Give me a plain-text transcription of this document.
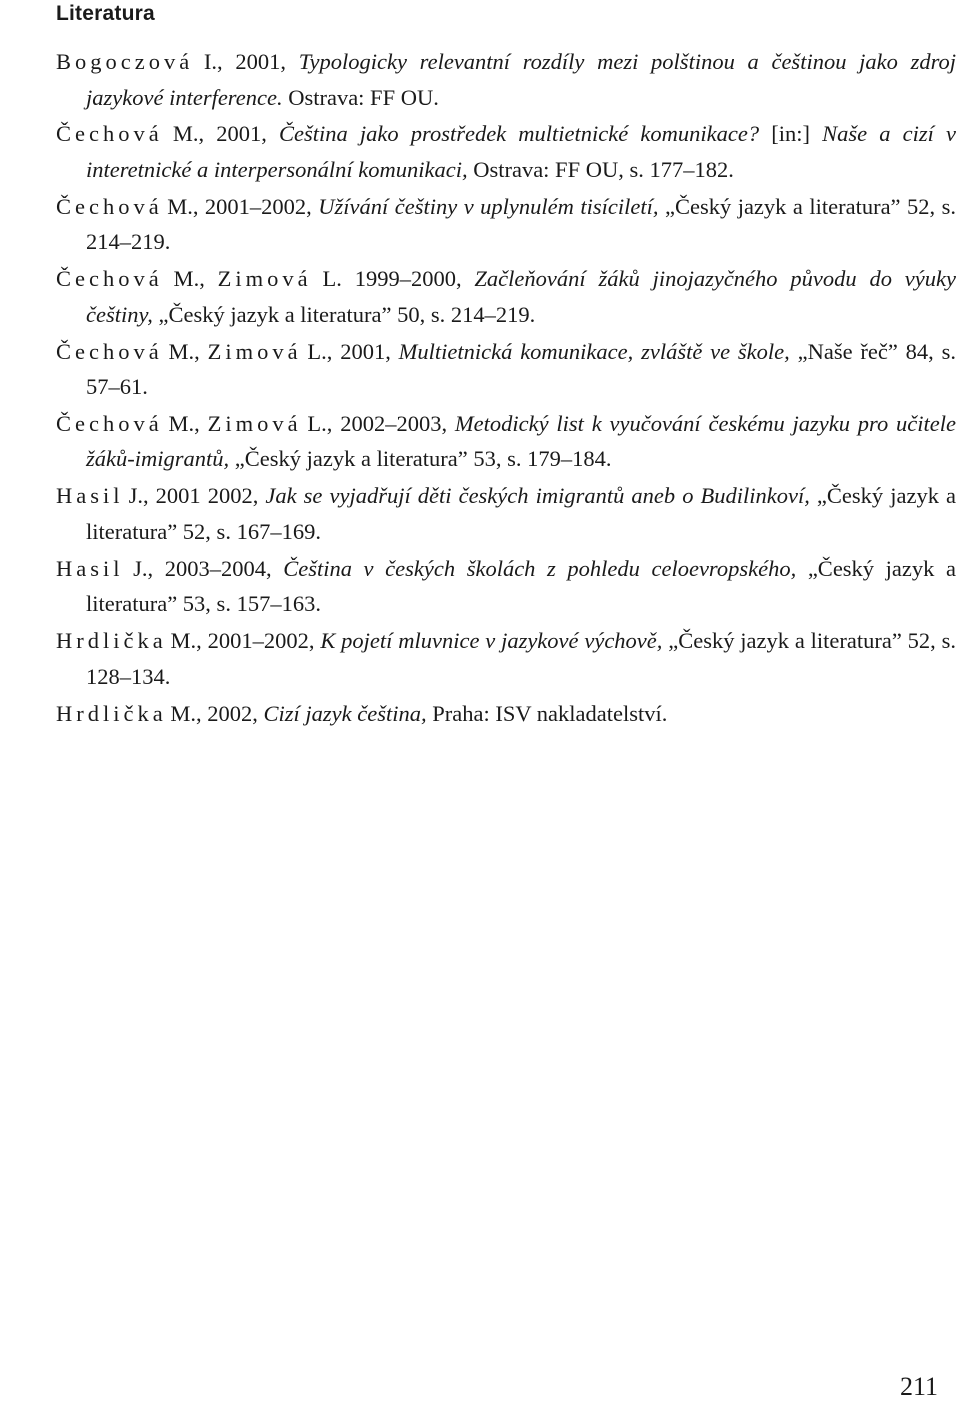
Literatura

Bogoczová I., 2001, Typologicky relevantní rozdíly mezi polštinou a češtinou jako zdroj jazykové interference. Ostrava: FF OU.

Čechová M., 2001, Čeština jako prostředek multietnické komunikace? [in:] Naše a cizí v interetnické a interpersonální komunikaci, Ostrava: FF OU, s. 177–182.

Čechová M., 2001–2002, Užívání češtiny v uplynulém tisíciletí, „Český jazyk a literatura” 52, s. 214–219.

Čechová M., Zimová L. 1999–2000, Začleňování žáků jinojazyčného původu do výuky češtiny, „Český jazyk a literatura” 50, s. 214–219.

Čechová M., Zimová L., 2001, Multietnická komunikace, zvláště ve škole, „Naše řeč” 84, s. 57–61.

Čechová M., Zimová L., 2002–2003, Metodický list k vyučování českému jazyku pro učitele žáků-imigrantů, „Český jazyk a literatura” 53, s. 179–184.

Hasil J., 2001 2002, Jak se vyjadřují děti českých imigrantů aneb o Budilinkoví, „Český jazyk a literatura” 52, s. 167–169.

Hasil J., 2003–2004, Čeština v českých školách z pohledu celoevropského, „Český jazyk a literatura” 53, s. 157–163.

Hrdlička M., 2001–2002, K pojetí mluvnice v jazykové výchově, „Český jazyk a literatura” 52, s. 128–134.

Hrdlička M., 2002, Cizí jazyk čeština, Praha: ISV nakladatelství.

211
